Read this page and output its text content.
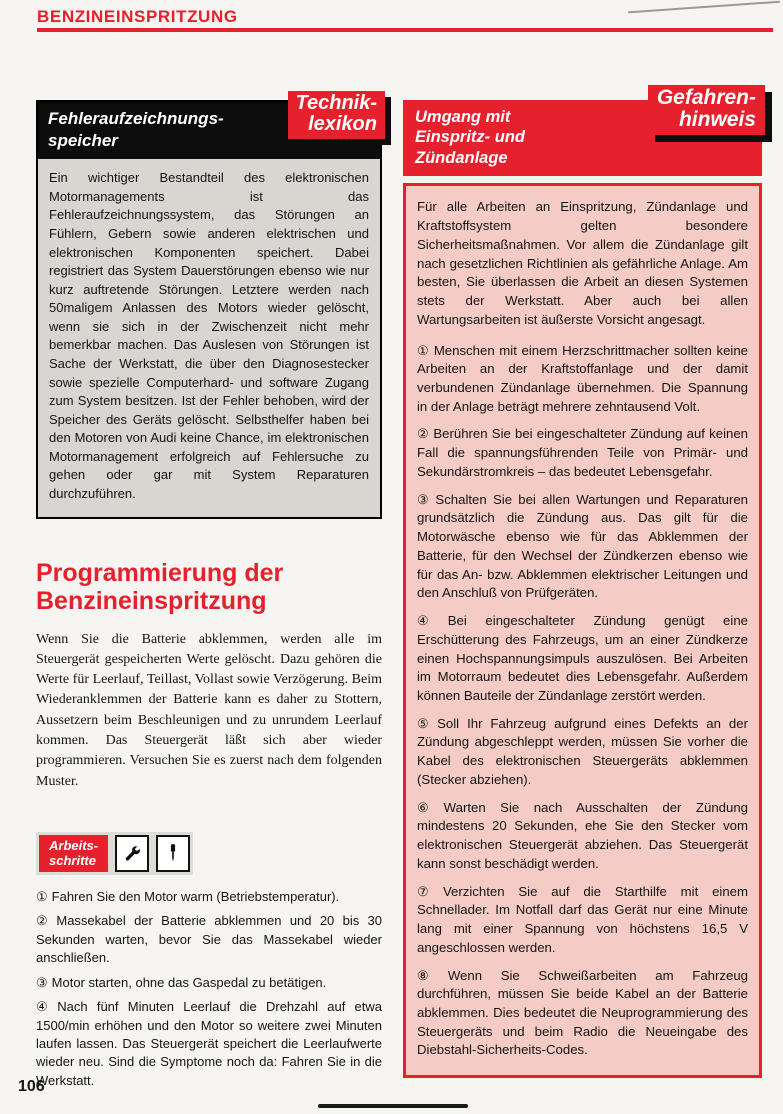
BENZINEINSPRITZUNG
Technik-
lexikon
Fehleraufzeichnungs-
speicher
Ein wichtiger Bestandteil des elektronischen Motormanagements ist das Fehleraufzeichnungssystem, das Störungen an Fühlern, Gebern sowie anderen elektrischen und elektronischen Komponenten speichert. Dabei registriert das System Dauerstörungen ebenso wie nur kurz auftretende Störungen. Letztere werden nach 50maligem Anlassen des Motors wieder gelöscht, wenn sie sich in der Zwischenzeit nicht mehr bemerkbar machen. Das Auslesen von Störungen ist Sache der Werkstatt, die über den Diagnosestecker sowie spezielle Computerhard- und software Zugang zum System besitzen. Ist der Fehler behoben, wird der Speicher des Geräts gelöscht. Selbsthelfer haben bei den Motoren von Audi keine Chance, im elektronischen Motormanagement erfolgreich auf Fehlersuche zu gehen oder gar mit System Reparaturen durchzuführen.
Programmierung der
Benzineinspritzung
Wenn Sie die Batterie abklemmen, werden alle im Steuergerät gespeicherten Werte gelöscht. Dazu gehören die Werte für Leerlauf, Teillast, Vollast sowie Verzögerung. Beim Wiederanklemmen der Batterie kann es daher zu Stottern, Aussetzern beim Beschleunigen und zu unrundem Leerlauf kommen. Das Steuergerät läßt sich aber wieder programmieren. Versuchen Sie es zuerst nach dem folgenden Muster.
Arbeits-
schritte

① Fahren Sie den Motor warm (Betriebstemperatur).

② Massekabel der Batterie abklemmen und 20 bis 30 Sekunden warten, bevor Sie das Massekabel wieder anschließen.

③ Motor starten, ohne das Gaspedal zu betätigen.

④ Nach fünf Minuten Leerlauf die Drehzahl auf etwa 1500/min erhöhen und den Motor so weitere zwei Minuten laufen lassen. Das Steuergerät speichert die Leerlaufwerte wieder neu. Sind die Symptome noch da: Fahren Sie in die Werkstatt.

Gefahren-
hinweis
Umgang mit
Einspritz- und
Zündanlage

Für alle Arbeiten an Einspritzung, Zündanlage und Kraftstoffsystem gelten besondere Sicherheitsmaßnahmen. Vor allem die Zündanlage gilt nach gesetzlichen Richtlinien als gefährliche Anlage. Am besten, Sie überlassen die Arbeit an diesen Systemen stets der Werkstatt. Aber auch bei allen Wartungsarbeiten ist äußerste Vorsicht angesagt.

① Menschen mit einem Herzschrittmacher sollten keine Arbeiten an der Kraftstoffanlage und der damit verbundenen Zündanlage übernehmen. Die Spannung in der Anlage beträgt mehrere zehntausend Volt.

② Berühren Sie bei eingeschalteter Zündung auf keinen Fall die spannungsführenden Teile von Primär- und Sekundärstromkreis – das bedeutet Lebensgefahr.

③ Schalten Sie bei allen Wartungen und Reparaturen grundsätzlich die Zündung aus. Das gilt für die Motorwäsche ebenso wie für das Abklemmen der Batterie, für den Wechsel der Zündkerzen ebenso wie für das An- bzw. Abklemmen elektrischer Leitungen und den Anschluß von Prüfgeräten.

④ Bei eingeschalteter Zündung genügt eine Erschütterung des Fahrzeugs, um an einer Zündkerze einen Hochspannungsimpuls auszulösen. Bei Arbeiten im Motorraum bedeutet dies Lebensgefahr. Außerdem können Bauteile der Zündanlage zerstört werden.

⑤ Soll Ihr Fahrzeug aufgrund eines Defekts an der Zündung abgeschleppt werden, müssen Sie vorher die Kabel des elektronischen Steuergeräts abklemmen (Stecker abziehen).

⑥ Warten Sie nach Ausschalten der Zündung mindestens 20 Sekunden, ehe Sie den Stecker vom elektronischen Steuergerät abziehen. Das Steuergerät kann sonst beschädigt werden.

⑦ Verzichten Sie auf die Starthilfe mit einem Schnellader. Im Notfall darf das Gerät nur eine Minute lang mit einer Spannung von höchstens 16,5 V angeschlossen werden.

⑧ Wenn Sie Schweißarbeiten am Fahrzeug durchführen, müssen Sie beide Kabel an der Batterie abklemmen. Dies bedeutet die Neuprogrammierung des Steuergeräts und beim Radio die Neueingabe des Diebstahl-Sicherheits-Codes.

106
